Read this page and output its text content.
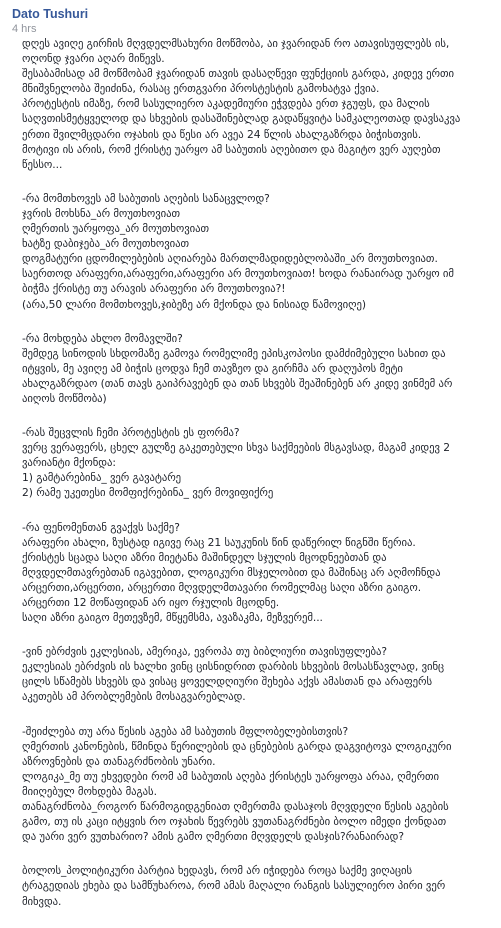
Dato Tushuri
4 hrs
დღეს ავიღე გირჩის მღვდელმსახური მოწმობა, აი ჯვარიდან რო ათავისუფლებს ის,
ოღონდ ჯვარი აღარ მიწევს.
შესაბამისად ამ მოწმობამ ჯვარიდან თავის დასაღწევი ფუნქციის გარდა, კიდევ ერთი
მნიშვნელობა შეიძინა, რასაც ერთგვარი პროსტესტის გამოხატვა ქვია.
პროტესტის იმაზე, რომ სასულიერო აკადემიური ეჭვდება ერთ ჯგუფს, და მალის
საღვთისმეტყველოდ და სხვების დასაშინებლად გადაწყვიტა სამკალეოთად დავსაკვა
ერთი შვილმცდარი ოჯახის და წესი არ ავეა 24 წლის ახალგაზრდა ბიჭისთვის.
მოტივი ის არის, რომ ქრისტე უარყო ამ საბუთის აღებითო და მაგიტო ვერ აუღებთ
წესსო...
-რა მომთხოვეს ამ საბუთის აღების სანაცვლოდ?
ჯვრის მოხსნა_არ მოუთხოვიათ
ღმერთის უარყოფა_არ მოუთხოვიათ
ხატზე დაბიჯება_არ მოუთხოვიათ
დოგმატური ცდომილებების აღიარება მართლმადიდებლობაში_არ მოუთხოვიათ.
საერთოდ არაფერი,არაფერი,არაფერი არ მოუთხოვიათ! ხოდა რანაირად უარყო იმ
ბიჭმა ქრისტე თუ არავის არაფერი არ მოუთხოვია?!
(არა,50 ლარი მომთხოვეს,ჯიბეზე არ მქონდა და ნისიად წამოვიღე)
-რა მოხდება ახლო მომავლში?
შემდეგ სინოდის სხდომაზე გამოვა რომელიმე ეპისკოპოსი დამძიმებული სახით და
იტყვის, მე ავიღე ამ ბიჭის ცოდვა ჩემ თავზეო და გირჩმა არ დაღუპოს მეტი
ახალგაზრდაო (თან თავს გაიპრავებენ და თან სხვებს შეაშინებენ არ კიდე ვინმემ არ
აიღოს მოწმობა)
-რას შეცვლის ჩემი პროტესტის ეს ფორმა?
ვერც ვერაფერს, ცხელ გულზე გაკეთებული სხვა საქმეების მსგავსად, მაგამ კიდევ 2
ვარიანტი მქონდა:
1) გამტარებინა_ ვერ გავატარე
2) რამე უკეთესი მომფიქრებინა_ ვერ მოვიფიქრე
-რა ფენომენთან გვაქვს საქმე?
არაფერი ახალი, ზუსტად იგივე რაც 21 საუკუნის წინ დაწერილ წიგნში წერია.
ქრისტეს სცადა საღი აზრი მიეტანა მაშინდელ სჯულის მცოდნეებთან და
მღვდელმთავრებთან იგავებით, ლოგიკური მსჯელობით და მაშინაც არ აღმოჩნდა
არცერთი,არცერთი, არცერთი მღვდელმთავარი რომელმაც საღი აზრი გაიგო.
არცერთი 12 მოწაფიდან არ იყო რჯულის მცოდნე.
საღი აზრი გაიგო მეთევზემ, მწყემსმა, ავაზაკმა, მეზვერემ...
-ვინ ებრძვის ეკლესიას, ამერიკა, ევროპა თუ ბიბლიური თავისუფლება?
ეკლესიას ებრძვის ის ხალხი ვინც ცისნიდრით დარბის სხვების მოსასწავლად, ვინც
ცილს სწამებს სხვებს და ვისაც ყოველდღიური შეხება აქვს ამასთან და არაფერს
აკეთებს ამ პრობლემების მოსაგვარებლად.
-შეიძლება თუ არა წესის აგება ამ საბუთის მფლობელებისთვის?
ღმერთის კანონების, წმინდა წერილების და ცნებების გარდა დაგვიტოვა ლოგიკური
აზროვნების და თანაგრძნობის უნარი.
ლოგიკა_მე თუ ეხვედები რომ ამ საბუთის აღება ქრისტეს უარყოფა არაა, ღმერთი
მიიღებულ მოხდება მაგას.
თანაგრძნობა_როგორ წარმოგიდგენიათ ღმერთმა დასაჯოს მღვდელი წესის აგების
გამო, თუ ის კაცი იტყვის რო ოჯახის წევრებს ვუთანაგრძნები ბოლო იმედი ქონდათ
და უარი ვერ ვუთხარიო? ამის გამო ღმერთი მღვდელს დასჯის?რანაირად?
ბოლოს_პოლიტიკური პარტია ხედავს, რომ არ იჭიდება როცა საქმე ვიღაცის
ტრაგედიას ეხება და სამწუხაროა, რომ ამას მაღალი რანგის სასულიერო პირი ვერ
მიხვდა.
